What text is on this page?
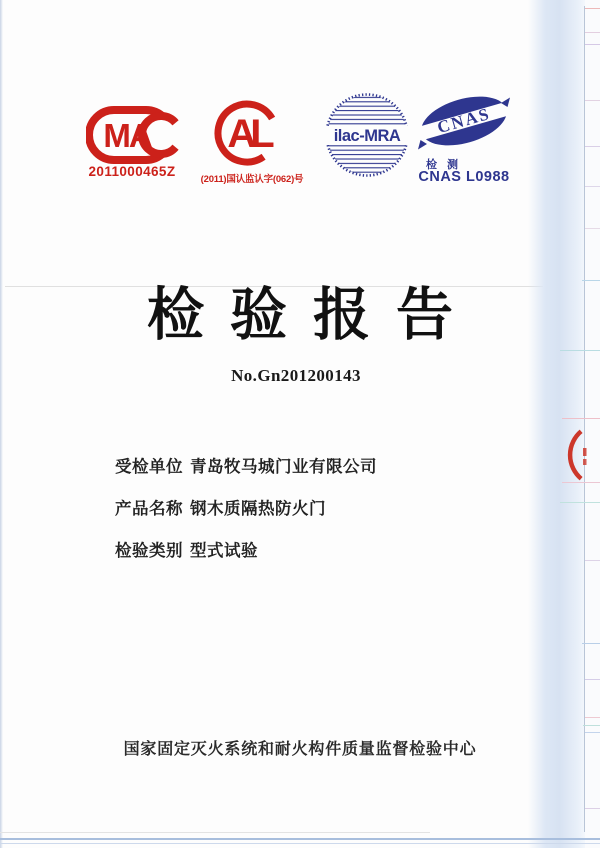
MA
2011000465Z
AL
(2011)国认监认字(062)号
ilac-MRA CNAS
检测
CNAS L0988
检验报告
No.Gn201200143
受检单位 青岛牧马城门业有限公司
产品名称 钢木质隔热防火门
检验类别 型式试验
国家固定灭火系统和耐火构件质量监督检验中心
